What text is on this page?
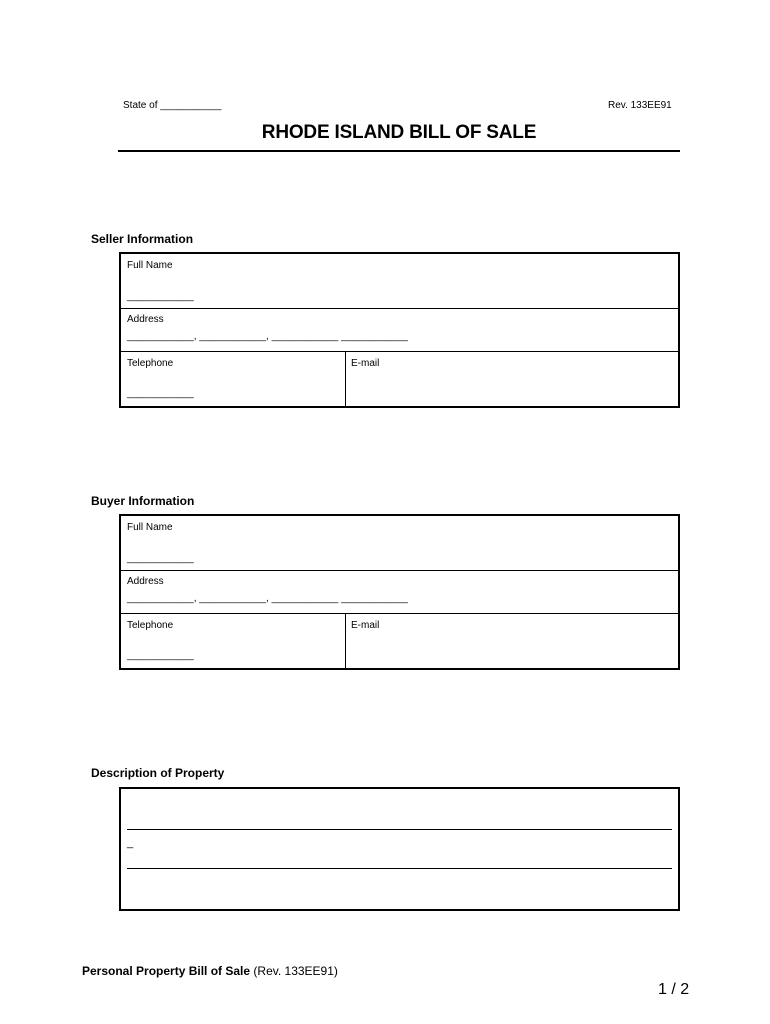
State of ___________	Rev. 133EE91
RHODE ISLAND BILL OF SALE
Seller Information
Full Name
____________
Address
____________, ____________, ____________ ____________
Telephone
____________
E-mail
Buyer Information
Full Name
____________
Address
____________, ____________, ____________ ____________
Telephone
____________
E-mail
Description of Property
_
Personal Property Bill of Sale (Rev. 133EE91)
1 / 2
